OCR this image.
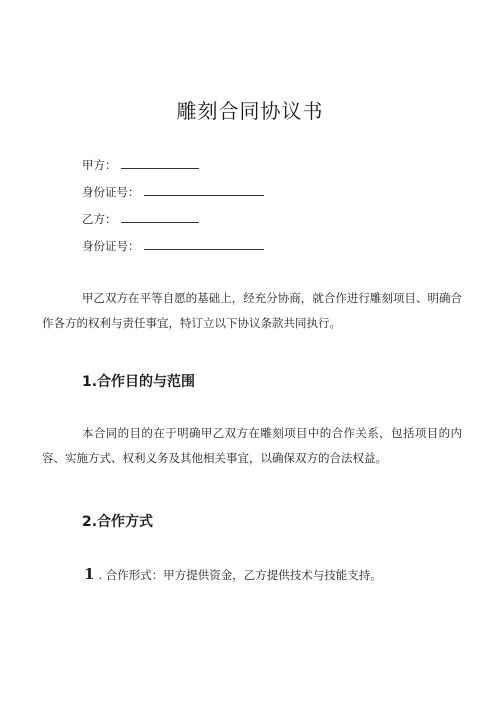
雕刻合同协议书
甲方：
身份证号：
乙方：
身份证号：
甲乙双方在平等自愿的基础上，经充分协商，就合作进行雕刻项目、明确合作各方的权利与责任事宜，特订立以下协议条款共同执行。
1.合作目的与范围
本合同的目的在于明确甲乙双方在雕刻项目中的合作关系，包括项目的内容、实施方式、权利义务及其他相关事宜，以确保双方的合法权益。
2.合作方式
1 . 合作形式：甲方提供资金，乙方提供技术与技能支持。
